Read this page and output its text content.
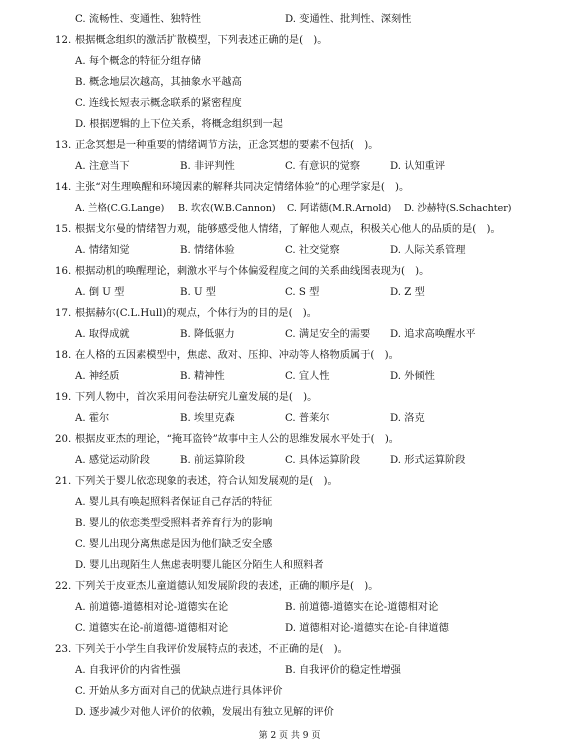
C. 流畅性、变通性、独特性	D. 变通性、批判性、深刻性
12. 根据概念组织的激活扩散模型，下列表述正确的是(　)。
A. 每个概念的特征分组存储
B. 概念地层次越高，其抽象水平越高
C. 连线长短表示概念联系的紧密程度
D. 根据逻辑的上下位关系，将概念组织到一起
13. 正念冥想是一种重要的情绪调节方法，正念冥想的要素不包括(　)。
A. 注意当下	B. 非评判性	C. 有意识的觉察	D. 认知重评
14. 主张“对生理唤醒和环境因素的解释共同决定情绪体验”的心理学家是(　)。
A. 兰格(C.G.Lange) B. 坎农(W.B.Cannon) C. 阿诺德(M.R.Arnold) D. 沙赫特(S.Schachter)
15. 根据戈尔曼的情绪智力观，能够感受他人情绪，了解他人观点，积极关心他人的品质的是(　)。
A. 情绪知觉	B. 情绪体验	C. 社交觉察	D. 人际关系管理
16. 根据动机的唤醒理论，刺激水平与个体偏爱程度之间的关系曲线图表现为(　)。
A. 倒 U 型	B. U 型	C. S 型	D. Z 型
17. 根据赫尔(C.L.Hull)的观点，个体行为的目的是(　)。
A. 取得成就	B. 降低驱力	C. 满足安全的需要 D. 追求高唤醒水平
18. 在人格的五因素模型中，焦虑、敌对、压抑、冲动等人格物质属于(　)。
A. 神经质	B. 精神性	C. 宜人性	D. 外倾性
19. 下列人物中，首次采用问卷法研究儿童发展的是(　)。
A. 霍尔	B. 埃里克森	C. 普莱尔	D. 洛克
20. 根据皮亚杰的理论，“掩耳盗铃”故事中主人公的思维发展水平处于(　)。
A. 感觉运动阶段	B. 前运算阶段	C. 具体运算阶段	D. 形式运算阶段
21. 下列关于婴儿依恋现象的表述，符合认知发展观的是(　)。
A. 婴儿具有唤起照料者保证自己存活的特征
B. 婴儿的依恋类型受照料者养育行为的影响
C. 婴儿出现分离焦虑是因为他们缺乏安全感
D. 婴儿出现陌生人焦虑表明婴儿能区分陌生人和照料者
22. 下列关于皮亚杰儿童道德认知发展阶段的表述，正确的顺序是(　)。
A. 前道德-道德相对论-道德实在论	B. 前道德-道德实在论-道德相对论
C. 道德实在论-前道德-道德相对论	D. 道德相对论-道德实在论-自律道德
23. 下列关于小学生自我评价发展特点的表述，不正确的是(　)。
A. 自我评价的内省性强	B. 自我评价的稳定性增强
C. 开始从多方面对自己的优缺点进行具体评价
D. 逐步减少对他人评价的依赖，发展出有独立见解的评价
第 2 页 共 9 页
